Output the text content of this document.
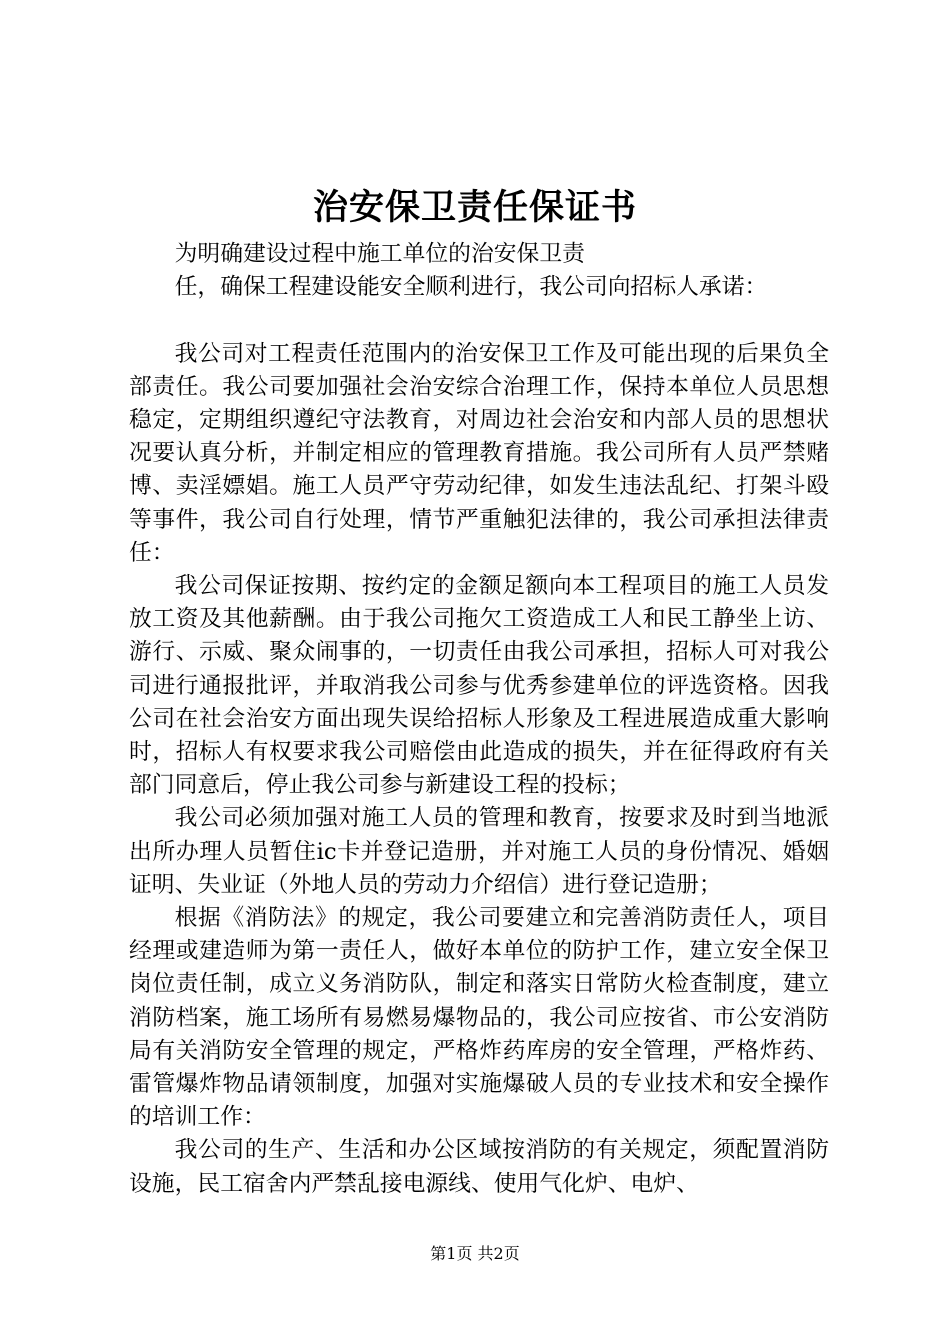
治安保卫责任保证书
为明确建设过程中施工单位的治安保卫责
任，确保工程建设能安全顺利进行，我公司向招标人承诺：

我公司对工程责任范围内的治安保卫工作及可能出现的后果负全部责任。我公司要加强社会治安综合治理工作，保持本单位人员思想稳定，定期组织遵纪守法教育，对周边社会治安和内部人员的思想状况要认真分析，并制定相应的管理教育措施。我公司所有人员严禁赌博、卖淫嫖娼。施工人员严守劳动纪律，如发生违法乱纪、打架斗殴等事件，我公司自行处理，情节严重触犯法律的，我公司承担法律责任：

我公司保证按期、按约定的金额足额向本工程项目的施工人员发放工资及其他薪酬。由于我公司拖欠工资造成工人和民工静坐上访、游行、示威、聚众闹事的，一切责任由我公司承担，招标人可对我公司进行通报批评，并取消我公司参与优秀参建单位的评选资格。因我公司在社会治安方面出现失误给招标人形象及工程进展造成重大影响时，招标人有权要求我公司赔偿由此造成的损失，并在征得政府有关部门同意后，停止我公司参与新建设工程的投标；

我公司必须加强对施工人员的管理和教育，按要求及时到当地派出所办理人员暂住ic卡并登记造册，并对施工人员的身份情况、婚姻证明、失业证（外地人员的劳动力介绍信）进行登记造册；

根据《消防法》的规定，我公司要建立和完善消防责任人，项目经理或建造师为第一责任人，做好本单位的防护工作，建立安全保卫岗位责任制，成立义务消防队，制定和落实日常防火检查制度，建立消防档案，施工场所有易燃易爆物品的，我公司应按省、市公安消防局有关消防安全管理的规定，严格炸药库房的安全管理，严格炸药、雷管爆炸物品请领制度，加强对实施爆破人员的专业技术和安全操作的培训工作：

我公司的生产、生活和办公区域按消防的有关规定，须配置消防设施，民工宿舍内严禁乱接电源线、使用气化炉、电炉、

第1页 共2页
